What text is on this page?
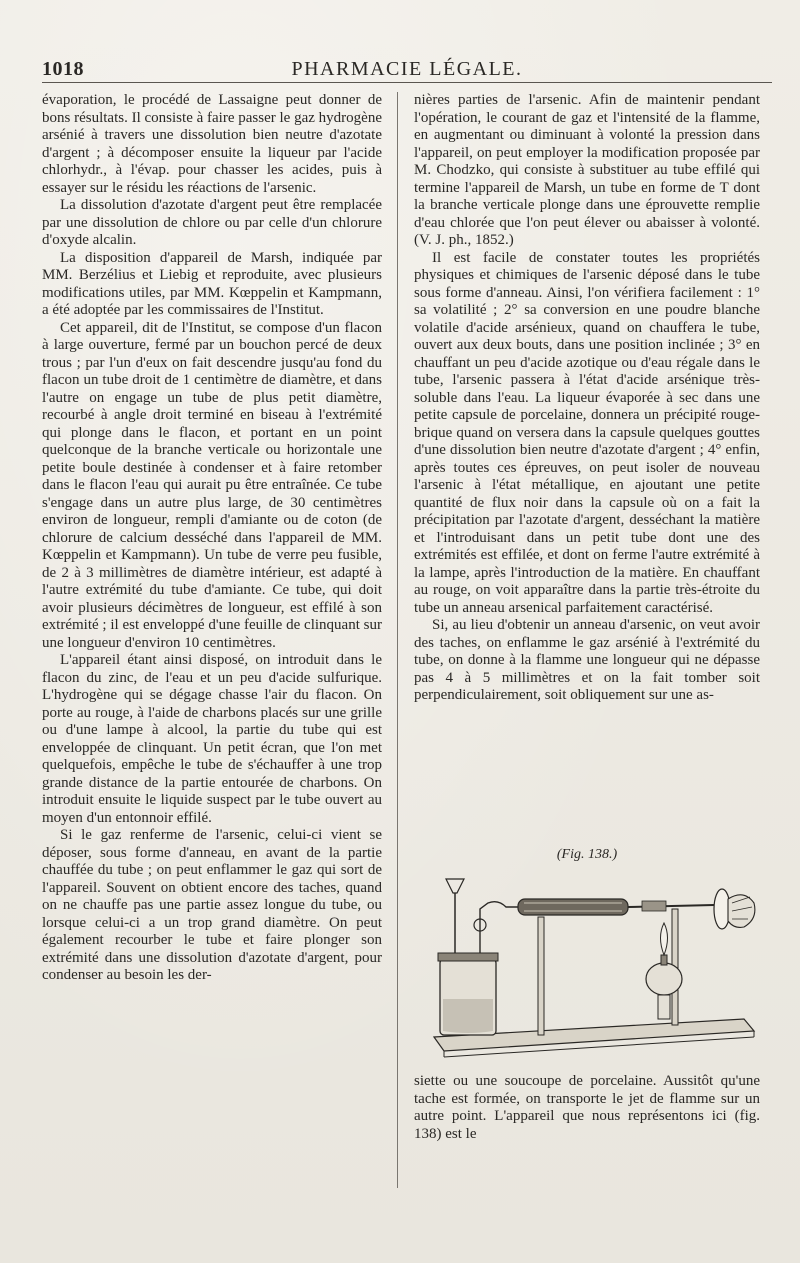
1018	PHARMACIE LÉGALE.

évaporation, le procédé de Lassaigne peut donner de bons résultats. Il consiste à faire passer le gaz hydrogène arsénié à travers une dissolution bien neutre d'azotate d'argent ; à décomposer ensuite la liqueur par l'acide chlorhydr., à l'évap. pour chasser les acides, puis à essayer sur le résidu les réactions de l'arsenic.

La dissolution d'azotate d'argent peut être remplacée par une dissolution de chlore ou par celle d'un chlorure d'oxyde alcalin.

La disposition d'appareil de Marsh, indiquée par MM. Berzélius et Liebig et reproduite, avec plusieurs modifications utiles, par MM. Kœppelin et Kampmann, a été adoptée par les commissaires de l'Institut.

Cet appareil, dit de l'Institut, se compose d'un flacon à large ouverture, fermé par un bouchon percé de deux trous ; par l'un d'eux on fait descendre jusqu'au fond du flacon un tube droit de 1 centimètre de diamètre, et dans l'autre on engage un tube de plus petit diamètre, recourbé à angle droit terminé en biseau à l'extrémité qui plonge dans le flacon, et portant en un point quelconque de la branche verticale ou horizontale une petite boule destinée à condenser et à faire retomber dans le flacon l'eau qui aurait pu être entraînée. Ce tube s'engage dans un autre plus large, de 30 centimètres environ de longueur, rempli d'amiante ou de coton (de chlorure de calcium desséché dans l'appareil de MM. Kœppelin et Kampmann). Un tube de verre peu fusible, de 2 à 3 millimètres de diamètre intérieur, est adapté à l'autre extrémité du tube d'amiante. Ce tube, qui doit avoir plusieurs décimètres de longueur, est effilé à son extrémité ; il est enveloppé d'une feuille de clinquant sur une longueur d'environ 10 centimètres.

L'appareil étant ainsi disposé, on introduit dans le flacon du zinc, de l'eau et un peu d'acide sulfurique. L'hydrogène qui se dégage chasse l'air du flacon. On porte au rouge, à l'aide de charbons placés sur une grille ou d'une lampe à alcool, la partie du tube qui est enveloppée de clinquant. Un petit écran, que l'on met quelquefois, empêche le tube de s'échauffer à une trop grande distance de la partie entourée de charbons. On introduit ensuite le liquide suspect par le tube ouvert au moyen d'un entonnoir effilé.

Si le gaz renferme de l'arsenic, celui-ci vient se déposer, sous forme d'anneau, en avant de la partie chauffée du tube ; on peut enflammer le gaz qui sort de l'appareil. Souvent on obtient encore des taches, quand on ne chauffe pas une partie assez longue du tube, ou lorsque celui-ci a un trop grand diamètre. On peut également recourber le tube et faire plonger son extrémité dans une dissolution d'azotate d'argent, pour condenser au besoin les der-

nières parties de l'arsenic. Afin de maintenir pendant l'opération, le courant de gaz et l'intensité de la flamme, en augmentant ou diminuant à volonté la pression dans l'appareil, on peut employer la modification proposée par M. Chodzko, qui consiste à substituer au tube effilé qui termine l'appareil de Marsh, un tube en forme de T dont la branche verticale plonge dans une éprouvette remplie d'eau chlorée que l'on peut élever ou abaisser à volonté. (V. J. ph., 1852.)

Il est facile de constater toutes les propriétés physiques et chimiques de l'arsenic déposé dans le tube sous forme d'anneau. Ainsi, l'on vérifiera facilement : 1° sa volatilité ; 2° sa conversion en une poudre blanche volatile d'acide arsénieux, quand on chauffera le tube, ouvert aux deux bouts, dans une position inclinée ; 3° en chauffant un peu d'acide azotique ou d'eau régale dans le tube, l'arsenic passera à l'état d'acide arsénique très-soluble dans l'eau. La liqueur évaporée à sec dans une petite capsule de porcelaine, donnera un précipité rouge-brique quand on versera dans la capsule quelques gouttes d'une dissolution bien neutre d'azotate d'argent ; 4° enfin, après toutes ces épreuves, on peut isoler de nouveau l'arsenic à l'état métallique, en ajoutant une petite quantité de flux noir dans la capsule où on a fait la précipitation par l'azotate d'argent, desséchant la matière et l'introduisant dans un petit tube dont une des extrémités est effilée, et dont on ferme l'autre extrémité à la lampe, après l'introduction de la matière. En chauffant au rouge, on voit apparaître dans la partie très-étroite du tube un anneau arsenical parfaitement caractérisé.

Si, au lieu d'obtenir un anneau d'arsenic, on veut avoir des taches, on enflamme le gaz arsénié à l'extrémité du tube, on donne à la flamme une longueur qui ne dépasse pas 4 à 5 millimètres et on la fait tomber soit perpendiculairement, soit obliquement sur une as-

(Fig. 138.)

siette ou une soucoupe de porcelaine. Aussitôt qu'une tache est formée, on transporte le jet de flamme sur un autre point. L'appareil que nous représentons ici (fig. 138) est le
